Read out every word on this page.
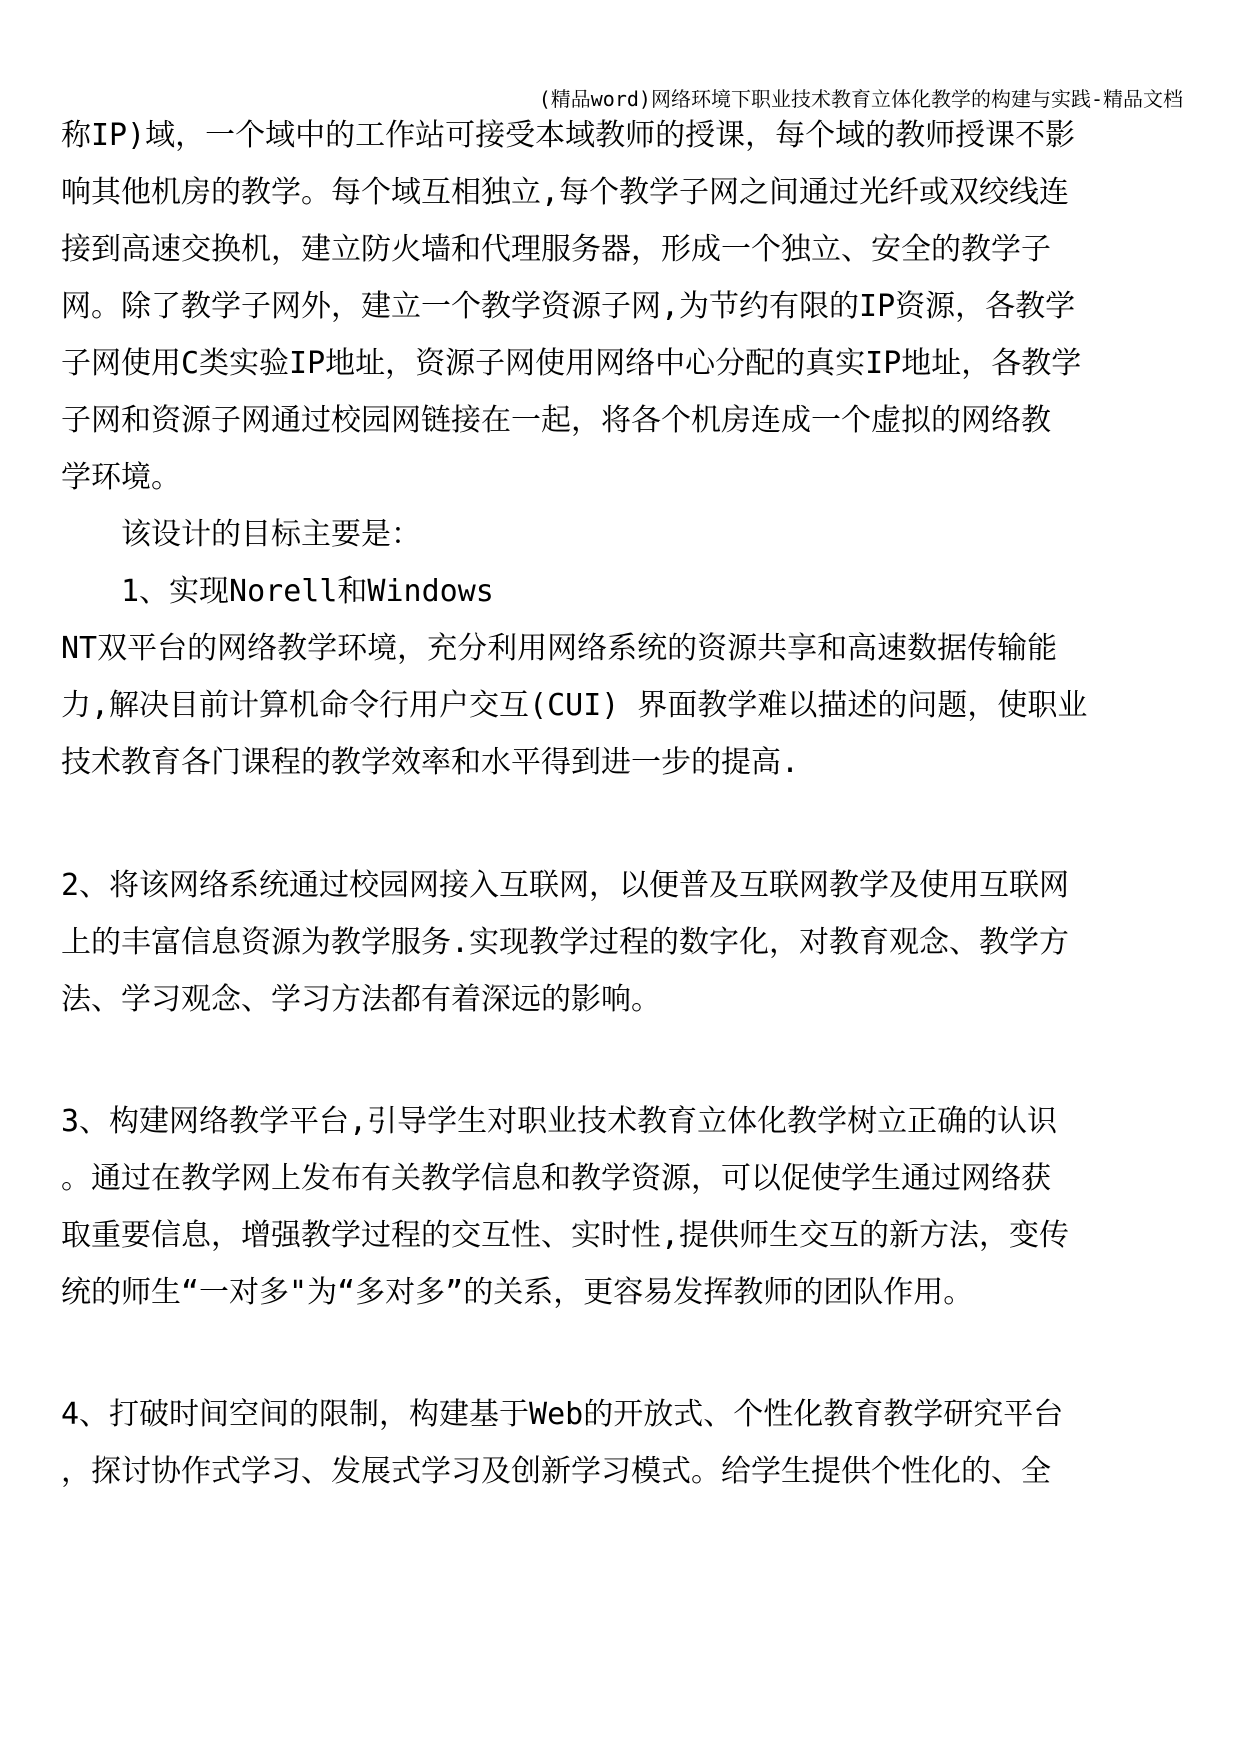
(精品word)网络环境下职业技术教育立体化教学的构建与实践-精品文档
称IP)域，一个域中的工作站可接受本域教师的授课，每个域的教师授课不影
响其他机房的教学。每个域互相独立,每个教学子网之间通过光纤或双绞线连
接到高速交换机，建立防火墙和代理服务器，形成一个独立、安全的教学子
网。除了教学子网外，建立一个教学资源子网,为节约有限的IP资源，各教学
子网使用C类实验IP地址，资源子网使用网络中心分配的真实IP地址，各教学
子网和资源子网通过校园网链接在一起，将各个机房连成一个虚拟的网络教
学环境。
　　该设计的目标主要是：
　　1、实现Norell和Windows
NT双平台的网络教学环境，充分利用网络系统的资源共享和高速数据传输能
力,解决目前计算机命令行用户交互(CUI) 界面教学难以描述的问题，使职业
技术教育各门课程的教学效率和水平得到进一步的提高.
2、将该网络系统通过校园网接入互联网，以便普及互联网教学及使用互联网
上的丰富信息资源为教学服务.实现教学过程的数字化，对教育观念、教学方
法、学习观念、学习方法都有着深远的影响。
3、构建网络教学平台,引导学生对职业技术教育立体化教学树立正确的认识
。通过在教学网上发布有关教学信息和教学资源，可以促使学生通过网络获
取重要信息，增强教学过程的交互性、实时性,提供师生交互的新方法，变传
统的师生“一对多"为“多对多”的关系，更容易发挥教师的团队作用。
4、打破时间空间的限制，构建基于Web的开放式、个性化教育教学研究平台
，探讨协作式学习、发展式学习及创新学习模式。给学生提供个性化的、全
